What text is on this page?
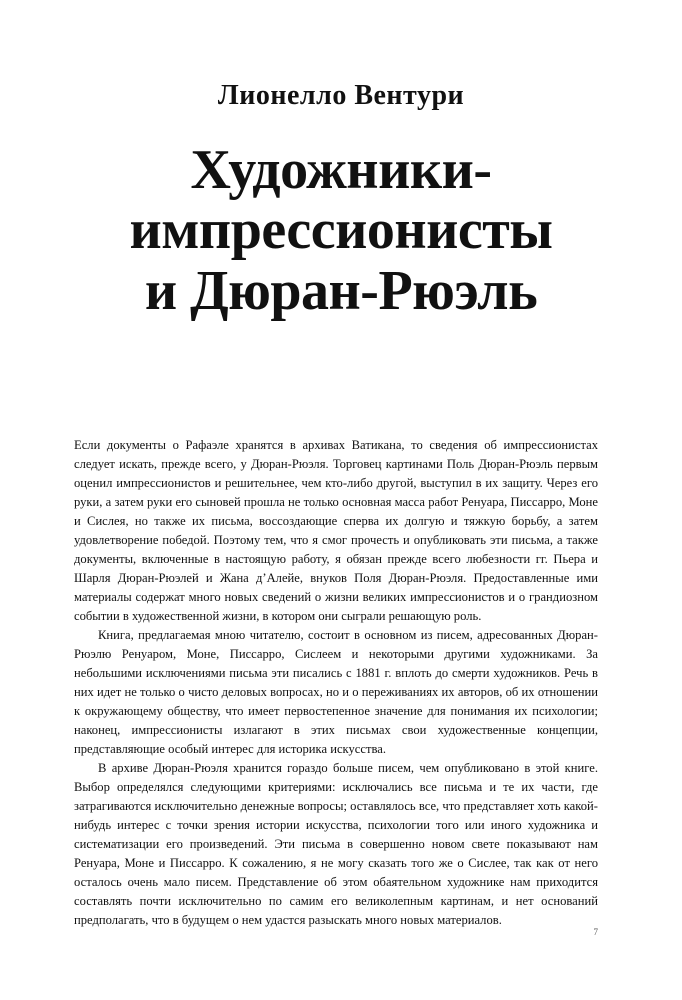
Лионелло Вентури
Художники-
импрессионисты
и Дюран-Рюэль

Если документы о Рафаэле хранятся в архивах Ватикана, то сведения об импрессионистах следует искать, прежде всего, у Дюран-Рюэля. Торговец картинами Поль Дюран-Рюэль первым оценил импрессионистов и решительнее, чем кто-либо другой, выступил в их защиту. Через его руки, а затем руки его сыновей прошла не только основная масса работ Ренуара, Писсарро, Моне и Сислея, но также их письма, воссоздающие сперва их долгую и тяжкую борьбу, а затем удовлетворение победой. Поэтому тем, что я смог прочесть и опубликовать эти письма, а также документы, включенные в настоящую работу, я обязан прежде всего любезности гг. Пьера и Шарля Дюран-Рюэлей и Жана д’Алейе, внуков Поля Дюран-Рюэля. Предоставленные ими материалы содержат много новых сведений о жизни великих импрессионистов и о грандиозном событии в художественной жизни, в котором они сыграли решающую роль.

Книга, предлагаемая мною читателю, состоит в основном из писем, адресованных Дюран-Рюэлю Ренуаром, Моне, Писсарро, Сислеем и некоторыми другими художниками. За небольшими исключениями письма эти писались с 1881 г. вплоть до смерти художников. Речь в них идет не только о чисто деловых вопросах, но и о переживаниях их авторов, об их отношении к окружающему обществу, что имеет первостепенное значение для понимания их психологии; наконец, импрессионисты излагают в этих письмах свои художественные концепции, представляющие особый интерес для историка искусства.

В архиве Дюран-Рюэля хранится гораздо больше писем, чем опубликовано в этой книге. Выбор определялся следующими критериями: исключались все письма и те их части, где затрагиваются исключительно денежные вопросы; оставлялось все, что представляет хоть какой-нибудь интерес с точки зрения истории искусства, психологии того или иного художника и систематизации его произведений. Эти письма в совершенно новом свете показывают нам Ренуара, Моне и Писсарро. К сожалению, я не могу сказать того же о Сислее, так как от него осталось очень мало писем. Представление об этом обаятельном художнике нам приходится составлять почти исключительно по самим его великолепным картинам, и нет оснований предполагать, что в будущем о нем удастся разыскать много новых материалов.

7
